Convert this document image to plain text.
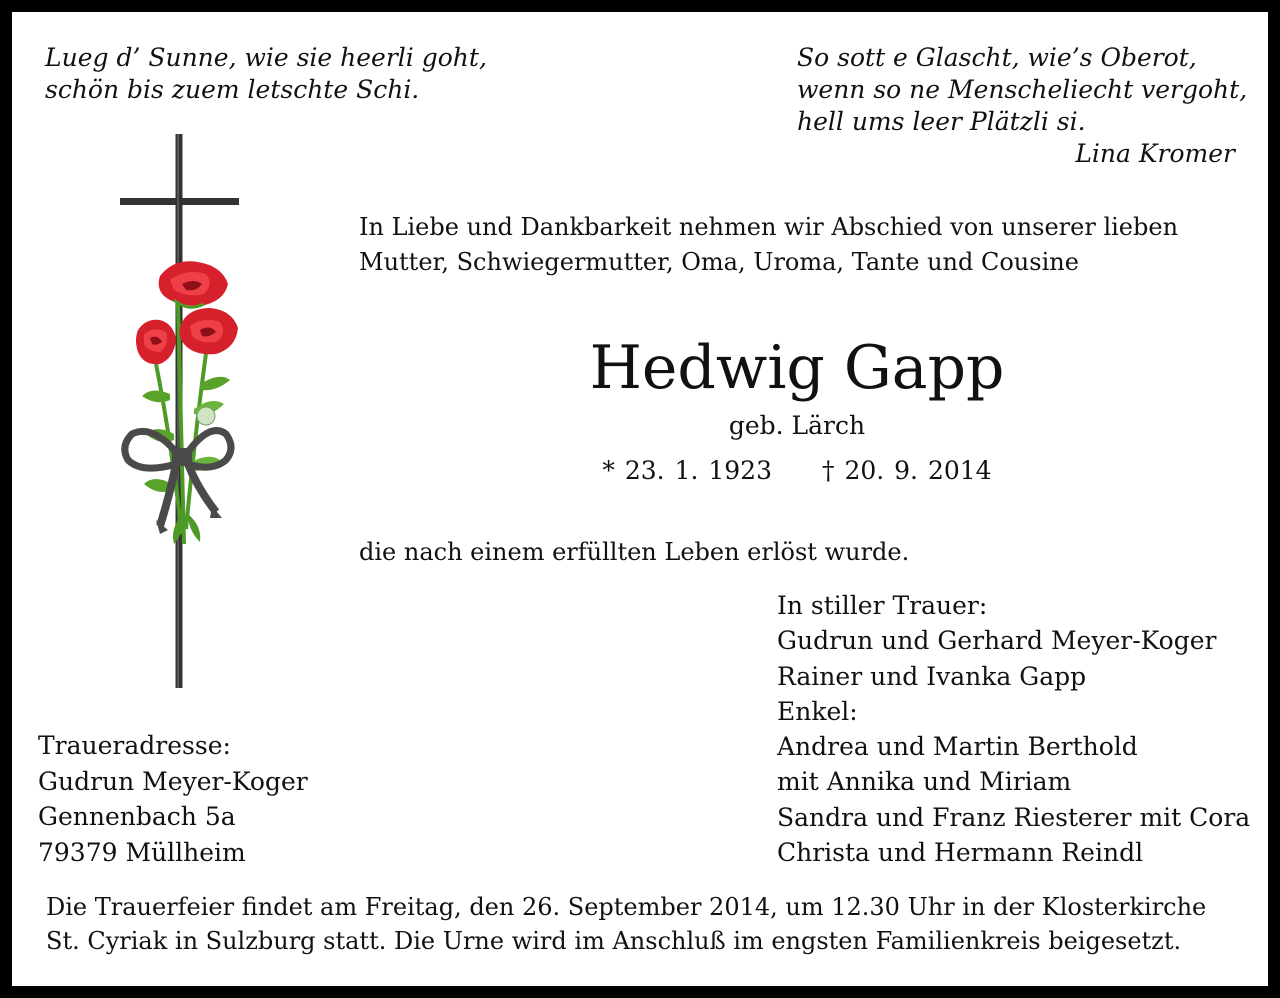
Lueg d’ Sunne, wie sie heerli goht,
schön bis zuem letschte Schi.
So sott e Glascht, wie’s Oberot,
wenn so ne Menscheliecht vergoht,
hell ums leer Plätzli si.
Lina Kromer
In Liebe und Dankbarkeit nehmen wir Abschied von unserer lieben
Mutter, Schwiegermutter, Oma, Uroma, Tante und Cousine
Hedwig Gapp
geb. Lärch
* 23. 1. 1923 † 20. 9. 2014
die nach einem erfüllten Leben erlöst wurde.
In stiller Trauer:
Gudrun und Gerhard Meyer-Koger
Rainer und Ivanka Gapp
Enkel:
Andrea und Martin Berthold
mit Annika und Miriam
Sandra und Franz Riesterer mit Cora
Christa und Hermann Reindl
Traueradresse:
Gudrun Meyer-Koger
Gennenbach 5a
79379 Müllheim
Die Trauerfeier findet am Freitag, den 26. September 2014, um 12.30 Uhr in der Klosterkirche
St. Cyriak in Sulzburg statt. Die Urne wird im Anschluß im engsten Familienkreis beigesetzt.
